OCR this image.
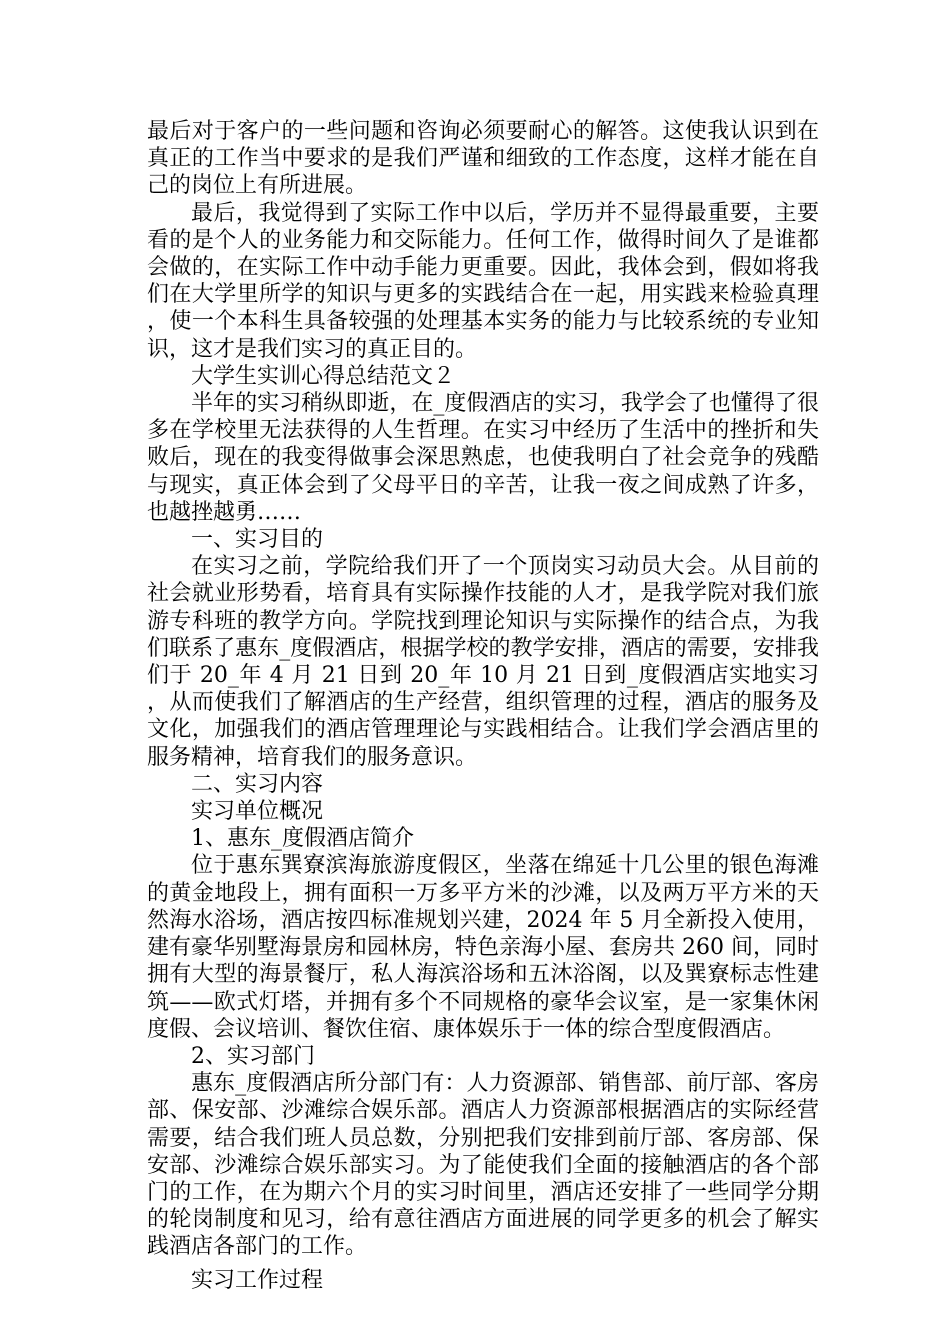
最后对于客户的一些问题和咨询必须要耐心的解答。这使我认识到在真正的工作当中要求的是我们严谨和细致的工作态度，这样才能在自己的岗位上有所进展。

最后，我觉得到了实际工作中以后，学历并不显得最重要，主要看的是个人的业务能力和交际能力。任何工作，做得时间久了是谁都会做的，在实际工作中动手能力更重要。因此，我体会到，假如将我们在大学里所学的知识与更多的实践结合在一起，用实践来检验真理，使一个本科生具备较强的处理基本实务的能力与比较系统的专业知识，这才是我们实习的真正目的。

大学生实训心得总结范文２

半年的实习稍纵即逝，在_度假酒店的实习，我学会了也懂得了很多在学校里无法获得的人生哲理。在实习中经历了生活中的挫折和失败后，现在的我变得做事会深思熟虑，也使我明白了社会竞争的残酷与现实，真正体会到了父母平日的辛苦，让我一夜之间成熟了许多，也越挫越勇……

一、实习目的

在实习之前，学院给我们开了一个顶岗实习动员大会。从目前的社会就业形势看，培育具有实际操作技能的人才，是我学院对我们旅游专科班的教学方向。学院找到理论知识与实际操作的结合点，为我们联系了惠东_度假酒店，根据学校的教学安排，酒店的需要，安排我们于 20_年 4 月 21 日到 20_年 10 月 21 日到_度假酒店实地实习，从而使我们了解酒店的生产经营，组织管理的过程，酒店的服务及文化，加强我们的酒店管理理论与实践相结合。让我们学会酒店里的服务精神，培育我们的服务意识。

二、实习内容

实习单位概况

1、惠东_度假酒店简介

位于惠东巽寮滨海旅游度假区，坐落在绵延十几公里的银色海滩的黄金地段上，拥有面积一万多平方米的沙滩，以及两万平方米的天然海水浴场，酒店按四标准规划兴建，2024 年 5 月全新投入使用，建有豪华别墅海景房和园林房，特色亲海小屋、套房共 260 间，同时拥有大型的海景餐厅，私人海滨浴场和五沐浴阁，以及巽寮标志性建筑——欧式灯塔，并拥有多个不同规格的豪华会议室，是一家集休闲度假、会议培训、餐饮住宿、康体娱乐于一体的综合型度假酒店。

2、实习部门

惠东_度假酒店所分部门有：人力资源部、销售部、前厅部、客房部、保安部、沙滩综合娱乐部。酒店人力资源部根据酒店的实际经营需要，结合我们班人员总数，分别把我们安排到前厅部、客房部、保安部、沙滩综合娱乐部实习。为了能使我们全面的接触酒店的各个部门的工作，在为期六个月的实习时间里，酒店还安排了一些同学分期的轮岗制度和见习，给有意往酒店方面进展的同学更多的机会了解实践酒店各部门的工作。

实习工作过程
